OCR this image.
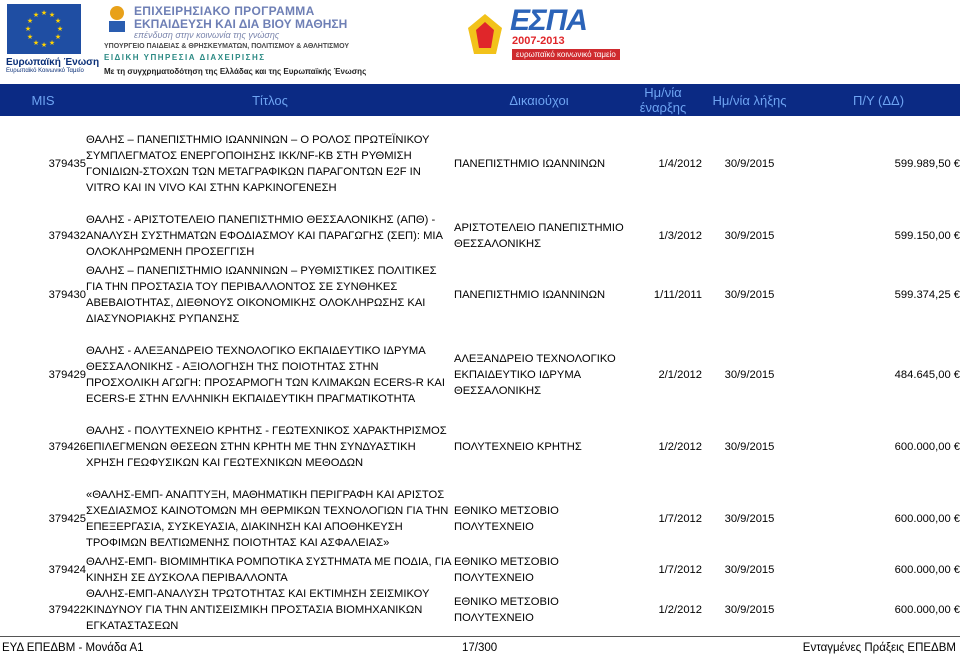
★ ★
★
★
★
★
★
★
★
★
★
★
Ευρωπαϊκή Ένωση
Ευρωπαϊκό Κοινωνικό Ταμείο
ΕΠΙΧΕΙΡΗΣΙΑΚΟ ΠΡΟΓΡΑΜΜΑ
ΕΚΠΑΙΔΕΥΣΗ ΚΑΙ ΔΙΑ ΒΙΟΥ ΜΑΘΗΣΗ
επένδυση στην κοινωνία της γνώσης
ΥΠΟΥΡΓΕΙΟ ΠΑΙΔΕΙΑΣ & ΘΡΗΣΚΕΥΜΑΤΩΝ, ΠΟΛΙΤΙΣΜΟΥ & ΑΘΛΗΤΙΣΜΟΥ
ΕΙΔΙΚΗ ΥΠΗΡΕΣΙΑ ΔΙΑΧΕΙΡΙΣΗΣ
Με τη συγχρηματοδότηση της Ελλάδας και της Ευρωπαϊκής Ένωσης
ΕΣΠΑ
2007-2013
ευρωπαϊκό κοινωνικό ταμείο
MIS	Τίτλος	Δικαιούχοι	Ημ/νία έναρξης	Ημ/νία λήξης	Π/Υ (ΔΔ)

379435	ΘΑΛΗΣ – ΠΑΝΕΠΙΣΤΗΜΙΟ ΙΩΑΝΝΙΝΩΝ – Ο ΡΟΛΟΣ ΠΡΩΤΕΪΝΙΚΟΥ ΣΥΜΠΛΕΓΜΑΤΟΣ ΕΝΕΡΓΟΠΟΙΗΣΗΣ ΙΚΚ/NF-KB ΣΤΗ ΡΥΘΜΙΣΗ ΓΟΝΙΔΙΩΝ-ΣΤΟΧΩΝ ΤΩΝ ΜΕΤΑΓΡΑΦΙΚΩΝ ΠΑΡΑΓΟΝΤΩΝ E2F IN VITRO ΚΑΙ IN VIVO ΚΑΙ ΣΤΗΝ ΚΑΡΚΙΝΟΓΕΝΕΣΗ	ΠΑΝΕΠΙΣΤΗΜΙΟ ΙΩΑΝΝΙΝΩΝ	1/4/2012	30/9/2015	599.989,50 €

379432	ΘΑΛΗΣ - ΑΡΙΣΤΟΤΕΛΕΙΟ ΠΑΝΕΠΙΣΤΗΜΙΟ ΘΕΣΣΑΛΟΝΙΚΗΣ (ΑΠΘ) - ΑΝΑΛΥΣΗ ΣΥΣΤΗΜΑΤΩΝ ΕΦΟΔΙΑΣΜΟΥ ΚΑΙ ΠΑΡΑΓΩΓΗΣ (ΣΕΠ): ΜΙΑ ΟΛΟΚΛΗΡΩΜΕΝΗ ΠΡΟΣΕΓΓΙΣΗ	ΑΡΙΣΤΟΤΕΛΕΙΟ ΠΑΝΕΠΙΣΤΗΜΙΟ ΘΕΣΣΑΛΟΝΙΚΗΣ	1/3/2012	30/9/2015	599.150,00 €

379430	ΘΑΛΗΣ – ΠΑΝΕΠΙΣΤΗΜΙΟ ΙΩΑΝΝΙΝΩΝ – ΡΥΘΜΙΣΤΙΚΕΣ ΠΟΛΙΤΙΚΕΣ ΓΙΑ ΤΗΝ ΠΡΟΣΤΑΣΙΑ ΤΟΥ ΠΕΡΙΒΑΛΛΟΝΤΟΣ ΣΕ ΣΥΝΘΗΚΕΣ ΑΒΕΒΑΙΟΤΗΤΑΣ, ΔΙΕΘΝΟΥΣ ΟΙΚΟΝΟΜΙΚΗΣ ΟΛΟΚΛΗΡΩΣΗΣ ΚΑΙ ΔΙΑΣΥΝΟΡΙΑΚΗΣ ΡΥΠΑΝΣΗΣ	ΠΑΝΕΠΙΣΤΗΜΙΟ ΙΩΑΝΝΙΝΩΝ	1/11/2011	30/9/2015	599.374,25 €

379429	ΘΑΛΗΣ - ΑΛΕΞΑΝΔΡΕΙΟ ΤΕΧΝΟΛΟΓΙΚΟ ΕΚΠΑΙΔΕΥΤΙΚΟ ΙΔΡΥΜΑ ΘΕΣΣΑΛΟΝΙΚΗΣ - ΑΞΙΟΛΟΓΗΣΗ ΤΗΣ ΠΟΙΟΤΗΤΑΣ ΣΤΗΝ ΠΡΟΣΧΟΛΙΚΗ ΑΓΩΓΗ: ΠΡΟΣΑΡΜΟΓΗ ΤΩΝ ΚΛΙΜΑΚΩΝ ECERS-R ΚΑΙ ECERS-E ΣΤΗΝ ΕΛΛΗΝΙΚΗ ΕΚΠΑΙΔΕΥΤΙΚΗ ΠΡΑΓΜΑΤΙΚΟΤΗΤΑ	ΑΛΕΞΑΝΔΡΕΙΟ ΤΕΧΝΟΛΟΓΙΚΟ ΕΚΠΑΙΔΕΥΤΙΚΟ ΙΔΡΥΜΑ ΘΕΣΣΑΛΟΝΙΚΗΣ	2/1/2012	30/9/2015	484.645,00 €

379426	ΘΑΛΗΣ - ΠΟΛΥΤΕΧΝΕΙΟ ΚΡΗΤΗΣ - ΓΕΩΤΕΧΝΙΚΟΣ ΧΑΡΑΚΤΗΡΙΣΜΟΣ ΕΠΙΛΕΓΜΕΝΩΝ ΘΕΣΕΩΝ ΣΤΗΝ ΚΡΗΤΗ ΜΕ ΤΗΝ ΣΥΝΔΥΑΣΤΙΚΗ ΧΡΗΣΗ ΓΕΩΦΥΣΙΚΩΝ ΚΑΙ ΓΕΩΤΕΧΝΙΚΩΝ ΜΕΘΟΔΩΝ	ΠΟΛΥΤΕΧΝΕΙΟ ΚΡΗΤΗΣ	1/2/2012	30/9/2015	600.000,00 €

379425	«ΘΑΛΗΣ-ΕΜΠ- ΑΝΑΠΤΥΞΗ, ΜΑΘΗΜΑΤΙΚΗ ΠΕΡΙΓΡΑΦΗ ΚΑΙ ΑΡΙΣΤΟΣ ΣΧΕΔΙΑΣΜΟΣ ΚΑΙΝΟΤΟΜΩΝ ΜΗ ΘΕΡΜΙΚΩΝ ΤΕΧΝΟΛΟΓΙΩΝ ΓΙΑ ΤΗΝ ΕΠΕΞΕΡΓΑΣΙΑ, ΣΥΣΚΕΥΑΣΙΑ, ΔΙΑΚΙΝΗΣΗ ΚΑΙ ΑΠΟΘΗΚΕΥΣΗ ΤΡΟΦΙΜΩΝ ΒΕΛΤΙΩΜΕΝΗΣ ΠΟΙΟΤΗΤΑΣ ΚΑΙ ΑΣΦΑΛΕΙΑΣ»	ΕΘΝΙΚΟ ΜΕΤΣΟΒΙΟ ΠΟΛΥΤΕΧΝΕΙΟ	1/7/2012	30/9/2015	600.000,00 €

379424	ΘΑΛΗΣ-ΕΜΠ- ΒΙΟΜΙΜΗΤΙΚΑ ΡΟΜΠΟΤΙΚΑ ΣΥΣΤΗΜΑΤΑ ΜΕ ΠΟΔΙΑ, ΓΙΑ ΚΙΝΗΣΗ ΣΕ ΔΥΣΚΟΛΑ ΠΕΡΙΒΑΛΛΟΝΤΑ	ΕΘΝΙΚΟ ΜΕΤΣΟΒΙΟ ΠΟΛΥΤΕΧΝΕΙΟ	1/7/2012	30/9/2015	600.000,00 €
379422	ΘΑΛΗΣ-ΕΜΠ-ΑΝΑΛΥΣΗ ΤΡΩΤΟΤΗΤΑΣ ΚΑΙ ΕΚΤΙΜΗΣΗ ΣΕΙΣΜΙΚΟΥ ΚΙΝΔΥΝΟΥ ΓΙΑ ΤΗΝ ΑΝΤΙΣΕΙΣΜΙΚΗ ΠΡΟΣΤΑΣΙΑ ΒΙΟΜΗΧΑΝΙΚΩΝ ΕΓΚΑΤΑΣΤΑΣΕΩΝ	ΕΘΝΙΚΟ ΜΕΤΣΟΒΙΟ ΠΟΛΥΤΕΧΝΕΙΟ	1/2/2012	30/9/2015	600.000,00 €
ΕΥΔ ΕΠΕΔΒΜ - Μονάδα Α1	17/300	Ενταγμένες Πράξεις ΕΠΕΔΒΜ
